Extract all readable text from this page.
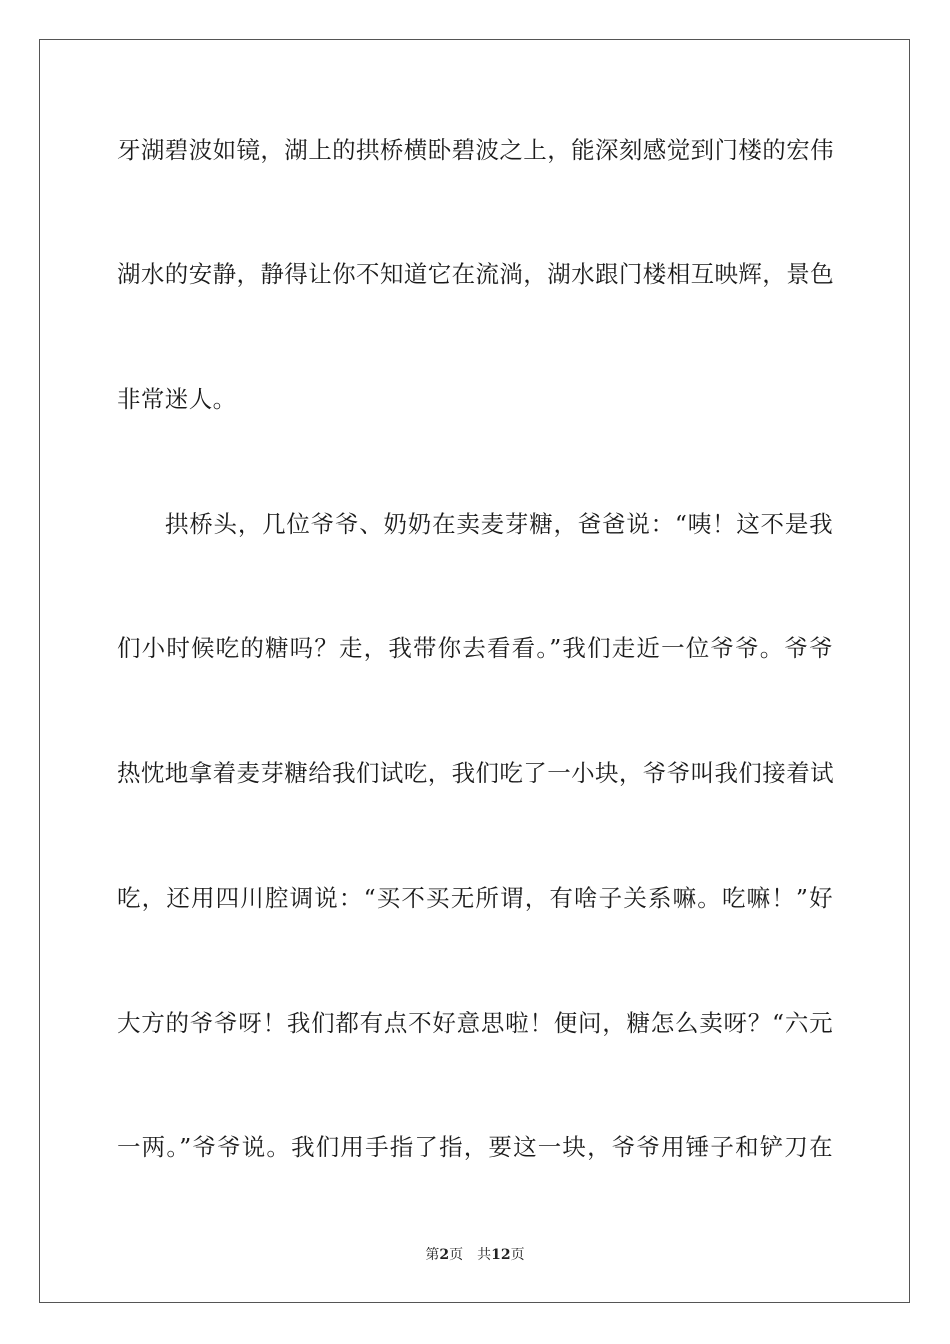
牙湖碧波如镜，湖上的拱桥横卧碧波之上，能深刻感觉到门楼的宏伟
湖水的安静，静得让你不知道它在流淌，湖水跟门楼相互映辉，景色
非常迷人。
拱桥头，几位爷爷、奶奶在卖麦芽糖，爸爸说：“咦！这不是我
们小时候吃的糖吗？走，我带你去看看。”我们走近一位爷爷。爷爷
热忱地拿着麦芽糖给我们试吃，我们吃了一小块，爷爷叫我们接着试
吃，还用四川腔调说：“买不买无所谓，有啥子关系嘛。吃嘛！”好
大方的爷爷呀！我们都有点不好意思啦！便问，糖怎么卖呀？“六元
一两。”爷爷说。我们用手指了指，要这一块，爷爷用锤子和铲刀在
第2页 共12页
